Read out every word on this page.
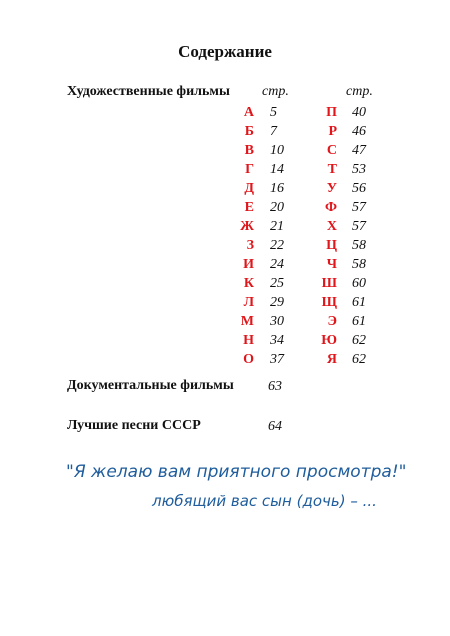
Содержание
Художественные фильмы стр.	стр.
А 5
Б 7
В 10
Г 14
Д 16
Е 20
Ж 21
З 22
И 24
К 25
Л 29
М 30
Н 34
О 37
П 40
Р 46
С 47
Т 53
У 56
Ф 57
Х 57
Ц 58
Ч 58
Ш 60
Щ 61
Э 61
Ю 62
Я 62
Документальные фильмы 63
Лучшие песни СССР	64
"Я желаю вам приятного просмотра!"
любящий вас сын (дочь) – ...
